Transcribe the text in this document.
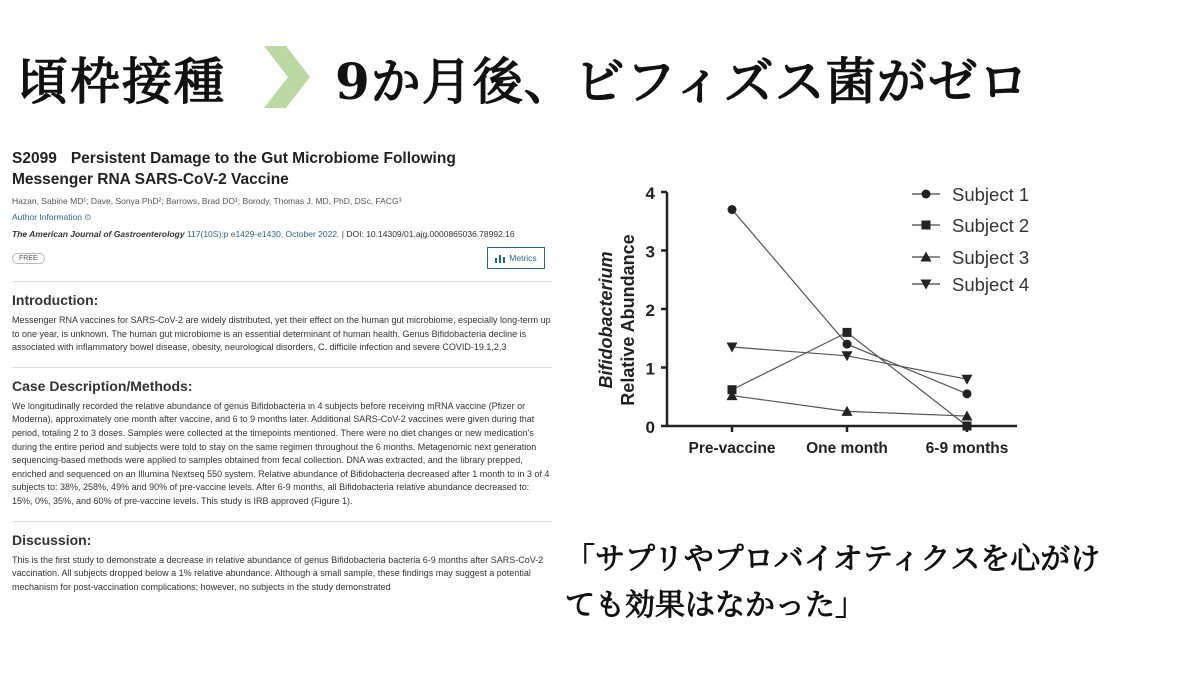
頃枠接種 9か月後、ビフィズス菌がゼロ
S2099 Persistent Damage to the Gut Microbiome Following
Messenger RNA SARS-CoV-2 Vaccine
Hazan, Sabine MD¹; Dave, Sonya PhD²; Barrows, Brad DO¹; Borody, Thomas J. MD, PhD, DSc, FACG³
Author Information ⊙
The American Journal of Gastroenterology 117(10S):p e1429-e1430, October 2022. | DOI: 10.14309/01.ajg.0000865036.78992.16
FREE	Metrics
Introduction:

Messenger RNA vaccines for SARS-CoV-2 are widely distributed, yet their effect on the human gut microbiome, especially long-term up to one year, is unknown. The human gut microbiome is an essential determinant of human health. Genus Bifidobacteria decline is associated with inflammatory bowel disease, obesity, neurological disorders, C. difficile infection and severe COVID-19.1,2,3

Case Description/Methods:

We longitudinally recorded the relative abundance of genus Bifidobacteria in 4 subjects before receiving mRNA vaccine (Pfizer or Moderna), approximately one month after vaccine, and 6 to 9 months later. Additional SARS-CoV-2 vaccines were given during that period, totaling 2 to 3 doses. Samples were collected at the timepoints mentioned. There were no diet changes or new medication's during the entire period and subjects were told to stay on the same regimen throughout the 6 months. Metagenomic next generation sequencing-based methods were applied to samples obtained from fecal collection. DNA was extracted, and the library prepped, enriched and sequenced on an Illumina Nextseq 550 system. Relative abundance of Bifidobacteria decreased after 1 month to in 3 of 4 subjects to: 38%, 258%, 49% and 90% of pre-vaccine levels. After 6-9 months, all Bifidobacteria relative abundance decreased to: 15%, 0%, 35%, and 60% of pre-vaccine levels. This study is IRB approved (Figure 1).

Discussion:

This is the first study to demonstrate a decrease in relative abundance of genus Bifidobacteria bacteria 6-9 months after SARS-CoV-2 vaccination. All subjects dropped below a 1% relative abundance. Although a small sample, these findings may suggest a potential mechanism for post-vaccination complications; however, no subjects in the study demonstrated

0
1
2
3
4
Pre-vaccine One month 6-9 months
Bifidobacterium Relative Abundance
Subject 1
Subject 2
Subject 3
Subject 4
「サプリやプロバイオティクスを心がけ
ても効果はなかった」
